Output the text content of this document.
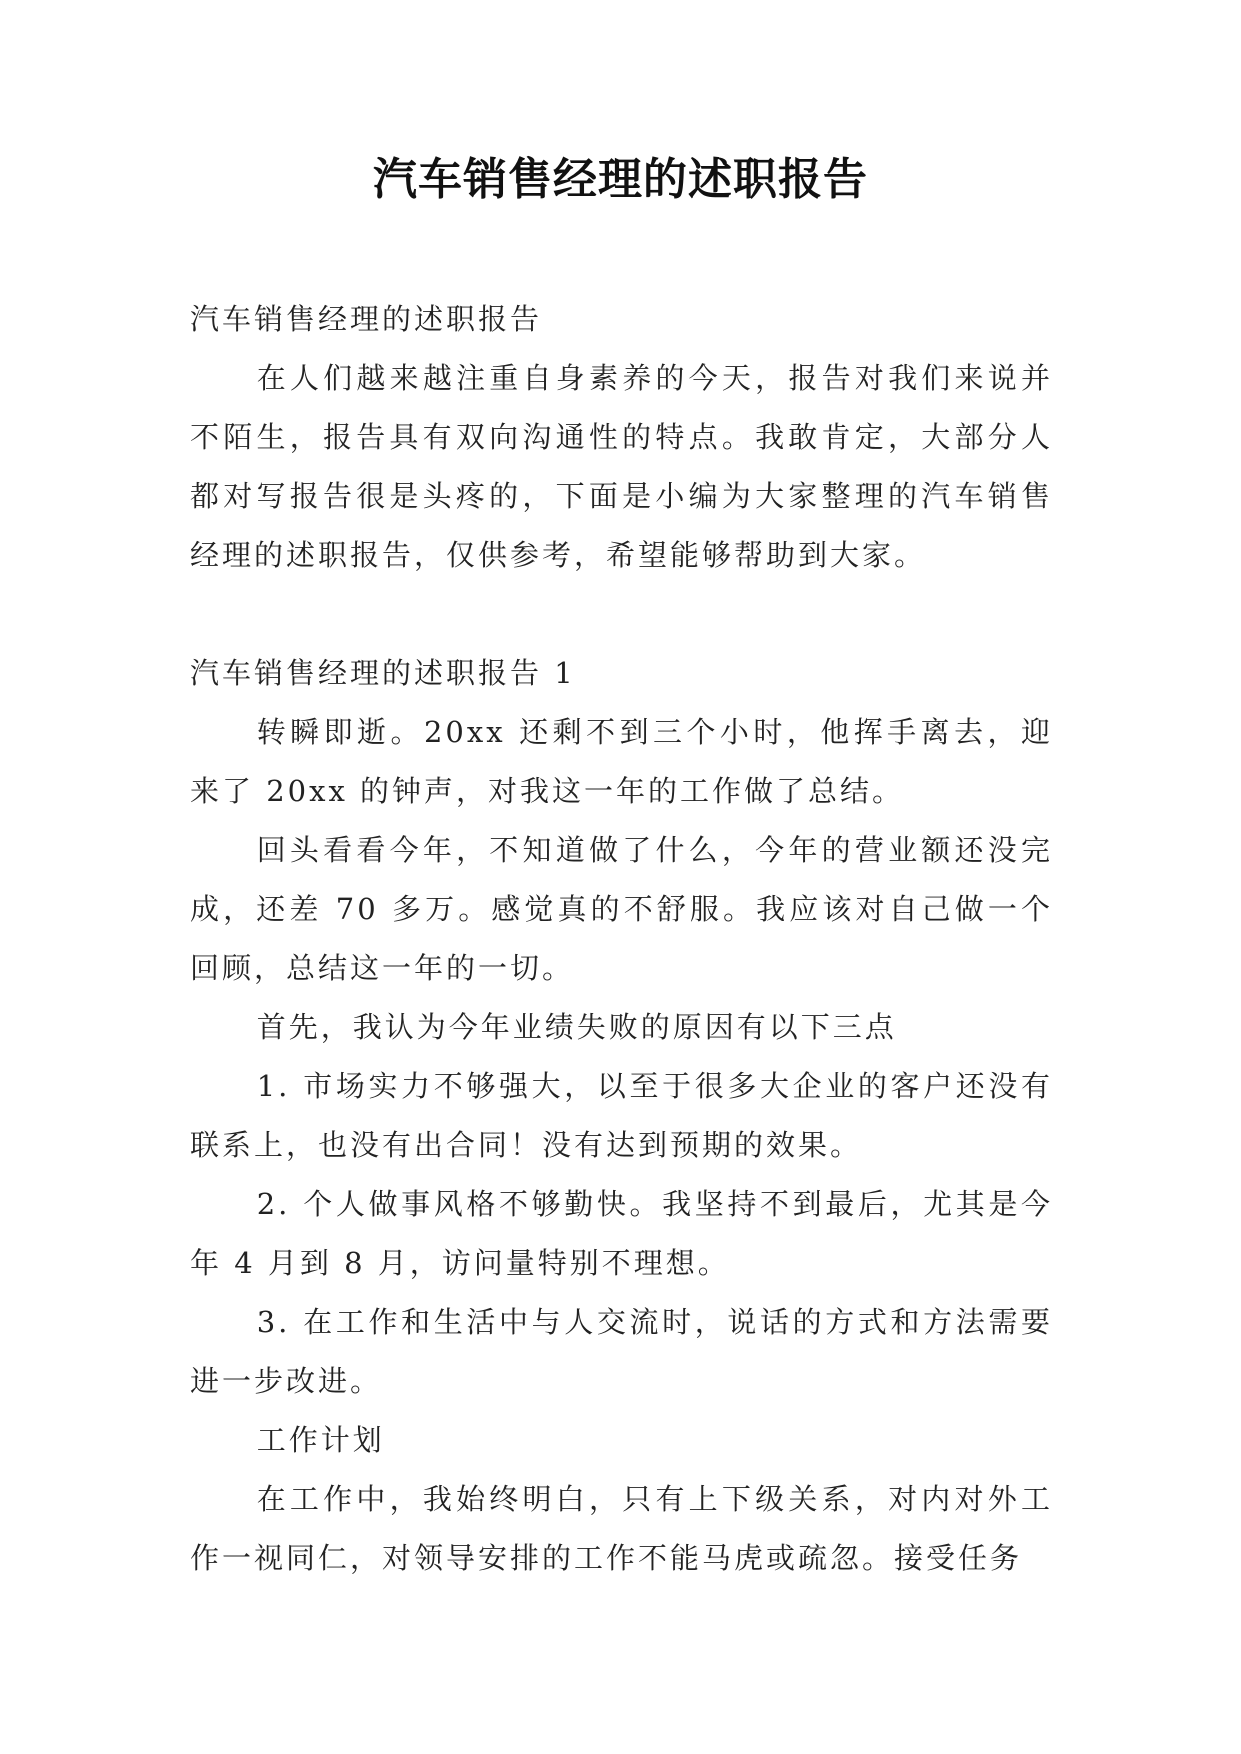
汽车销售经理的述职报告

汽车销售经理的述职报告

在人们越来越注重自身素养的今天，报告对我们来说并不陌生，报告具有双向沟通性的特点。我敢肯定，大部分人都对写报告很是头疼的，下面是小编为大家整理的汽车销售经理的述职报告，仅供参考，希望能够帮助到大家。

汽车销售经理的述职报告 1

转瞬即逝。20xx 还剩不到三个小时，他挥手离去，迎来了 20xx 的钟声，对我这一年的工作做了总结。

回头看看今年，不知道做了什么，今年的营业额还没完成，还差 70 多万。感觉真的不舒服。我应该对自己做一个回顾，总结这一年的一切。

首先，我认为今年业绩失败的原因有以下三点

1. 市场实力不够强大，以至于很多大企业的客户还没有联系上，也没有出合同！没有达到预期的效果。

2. 个人做事风格不够勤快。我坚持不到最后，尤其是今年 4 月到 8 月，访问量特别不理想。

3. 在工作和生活中与人交流时，说话的方式和方法需要进一步改进。

工作计划

在工作中，我始终明白，只有上下级关系，对内对外工作一视同仁，对领导安排的工作不能马虎或疏忽。接受任务
